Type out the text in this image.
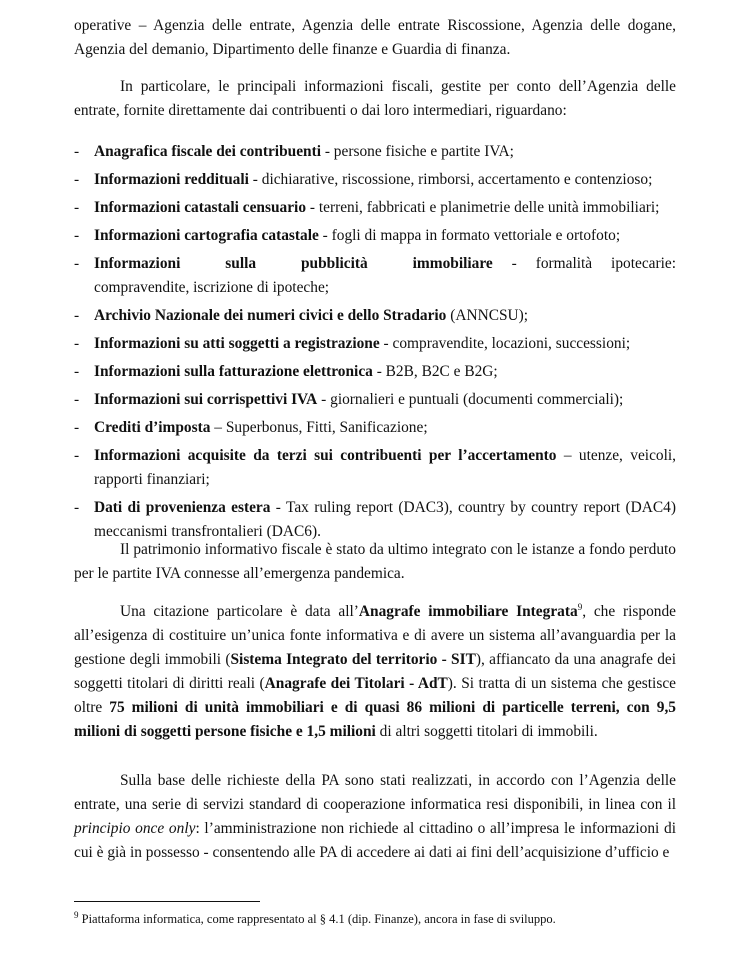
operative – Agenzia delle entrate, Agenzia delle entrate Riscossione, Agenzia delle dogane, Agenzia del demanio, Dipartimento delle finanze e Guardia di finanza.

In particolare, le principali informazioni fiscali, gestite per conto dell’Agenzia delle entrate, fornite direttamente dai contribuenti o dai loro intermediari, riguardano:

- Anagrafica fiscale dei contribuenti - persone fisiche e partite IVA;
- Informazioni reddituali - dichiarative, riscossione, rimborsi, accertamento e contenzioso;
- Informazioni catastali censuario - terreni, fabbricati e planimetrie delle unità immobiliari;
- Informazioni cartografia catastale - fogli di mappa in formato vettoriale e ortofoto;
- Informazioni sulla pubblicità immobiliare - formalità ipotecarie: compravendite, iscrizione di ipoteche;
- Archivio Nazionale dei numeri civici e dello Stradario (ANNCSU);
- Informazioni su atti soggetti a registrazione - compravendite, locazioni, successioni;
- Informazioni sulla fatturazione elettronica - B2B, B2C e B2G;
- Informazioni sui corrispettivi IVA - giornalieri e puntuali (documenti commerciali);
- Crediti d’imposta – Superbonus, Fitti, Sanificazione;
- Informazioni acquisite da terzi sui contribuenti per l’accertamento – utenze, veicoli, rapporti finanziari;
- Dati di provenienza estera - Tax ruling report (DAC3), country by country report (DAC4) meccanismi transfrontalieri (DAC6).

Il patrimonio informativo fiscale è stato da ultimo integrato con le istanze a fondo perduto per le partite IVA connesse all’emergenza pandemica.

Una citazione particolare è data all’Anagrafe immobiliare Integrata$^9$, che risponde all’esigenza di costituire un’unica fonte informativa e di avere un sistema all’avanguardia per la gestione degli immobili (Sistema Integrato del territorio - SIT), affiancato da una anagrafe dei soggetti titolari di diritti reali (Anagrafe dei Titolari - AdT). Si tratta di un sistema che gestisce oltre 75 milioni di unità immobiliari e di quasi 86 milioni di particelle terreni, con 9,5 milioni di soggetti persone fisiche e 1,5 milioni di altri soggetti titolari di immobili.

Sulla base delle richieste della PA sono stati realizzati, in accordo con l’Agenzia delle entrate, una serie di servizi standard di cooperazione informatica resi disponibili, in linea con il principio once only: l’amministrazione non richiede al cittadino o all’impresa le informazioni di cui è già in possesso - consentendo alle PA di accedere ai dati ai fini dell’acquisizione d’ufficio e

$^9$ Piattaforma informatica, come rappresentato al § 4.1 (dip. Finanze), ancora in fase di sviluppo.
